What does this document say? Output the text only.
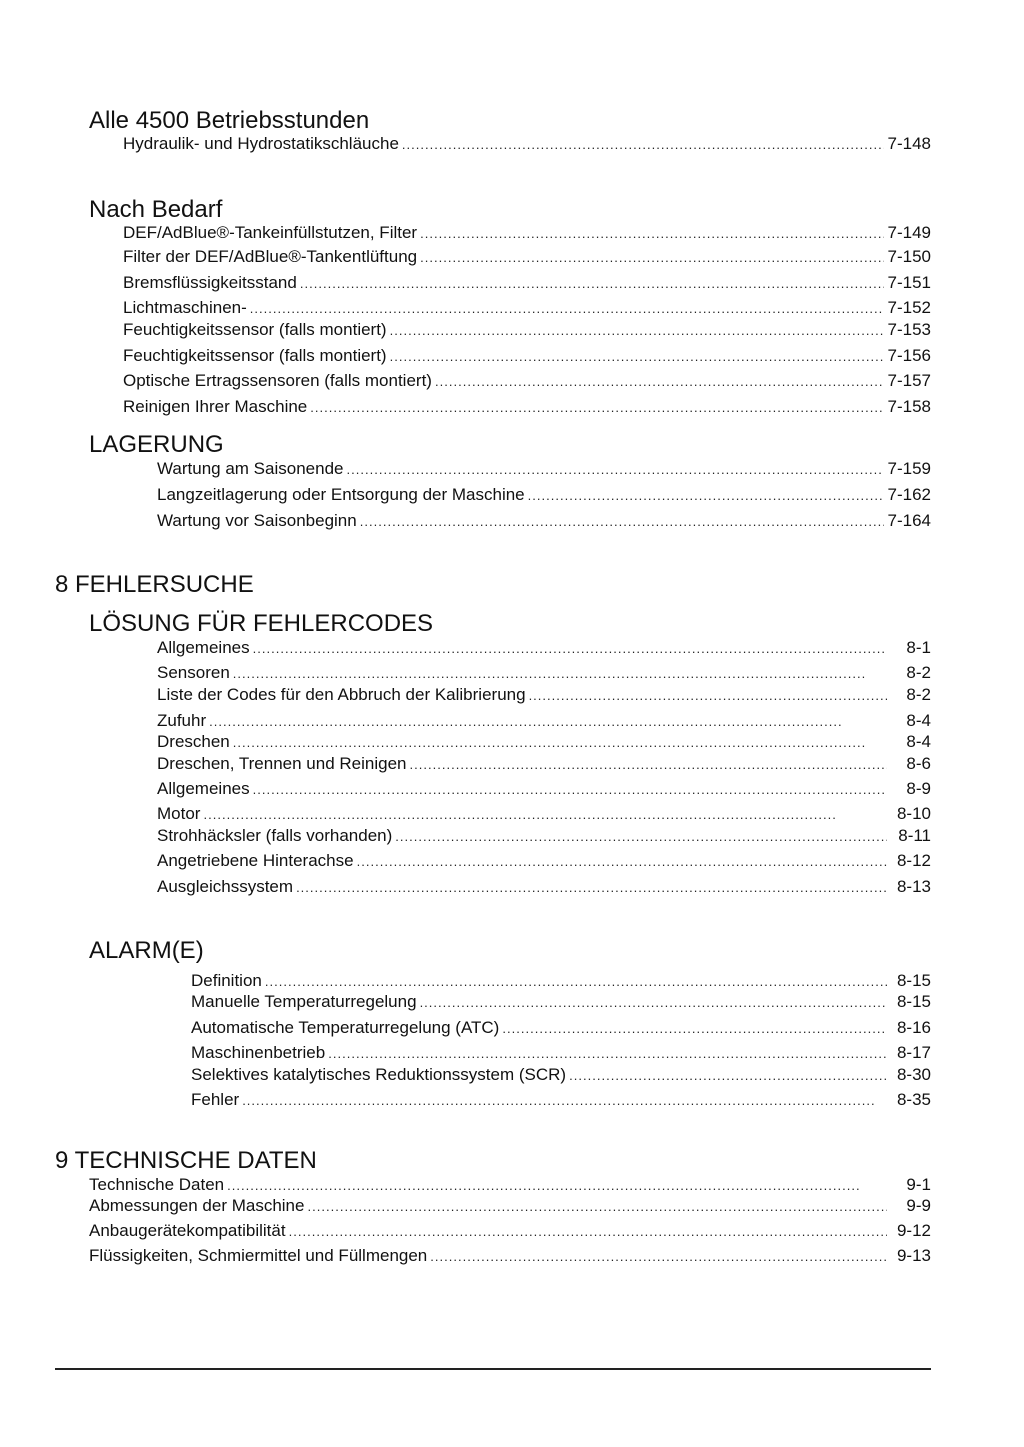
Alle 4500 Betriebsstunden
Hydraulik- und Hydrostatikschläuche . . .	7-148
Nach Bedarf
DEF/AdBlue®-Tankeinfüllstutzen, Filter . . .	7-149
Filter der DEF/AdBlue®-Tankentlüftung . . .	7-150
Bremsflüssigkeitsstand . . .	7-151
Lichtmaschinen- . . .	7-152
Feuchtigkeitssensor (falls montiert) . . .	7-153
Feuchtigkeitssensor (falls montiert) . . .	7-156
Optische Ertragssensoren (falls montiert) . . .	7-157
Reinigen Ihrer Maschine . . .	7-158
LAGERUNG
Wartung am Saisonende . . .	7-159
Langzeitlagerung oder Entsorgung der Maschine . . .	7-162
Wartung vor Saisonbeginn . . .	7-164
8 FEHLERSUCHE
LÖSUNG FÜR FEHLERCODES
Allgemeines . . .	8-1
Sensoren . . .	8-2
Liste der Codes für den Abbruch der Kalibrierung . . .	8-2
Zufuhr . . .	8-4
Dreschen . . .	8-4
Dreschen, Trennen und Reinigen . . .	8-6
Allgemeines . . .	8-9
Motor . . .	8-10
Strohhäcksler (falls vorhanden) . . .	8-11
Angetriebene Hinterachse . . .	8-12
Ausgleichssystem . . .	8-13
ALARM(E)
Definition . . .	8-15
Manuelle Temperaturregelung . . .	8-15
Automatische Temperaturregelung (ATC) . . .	8-16
Maschinenbetrieb . . .	8-17
Selektives katalytisches Reduktionssystem (SCR) . . .	8-30
Fehler . . .	8-35
9 TECHNISCHE DATEN
Technische Daten . . .	9-1
Abmessungen der Maschine . . .	9-9
Anbaugerätekompatibilität . . .	9-12
Flüssigkeiten, Schmiermittel und Füllmengen . . .	9-13
